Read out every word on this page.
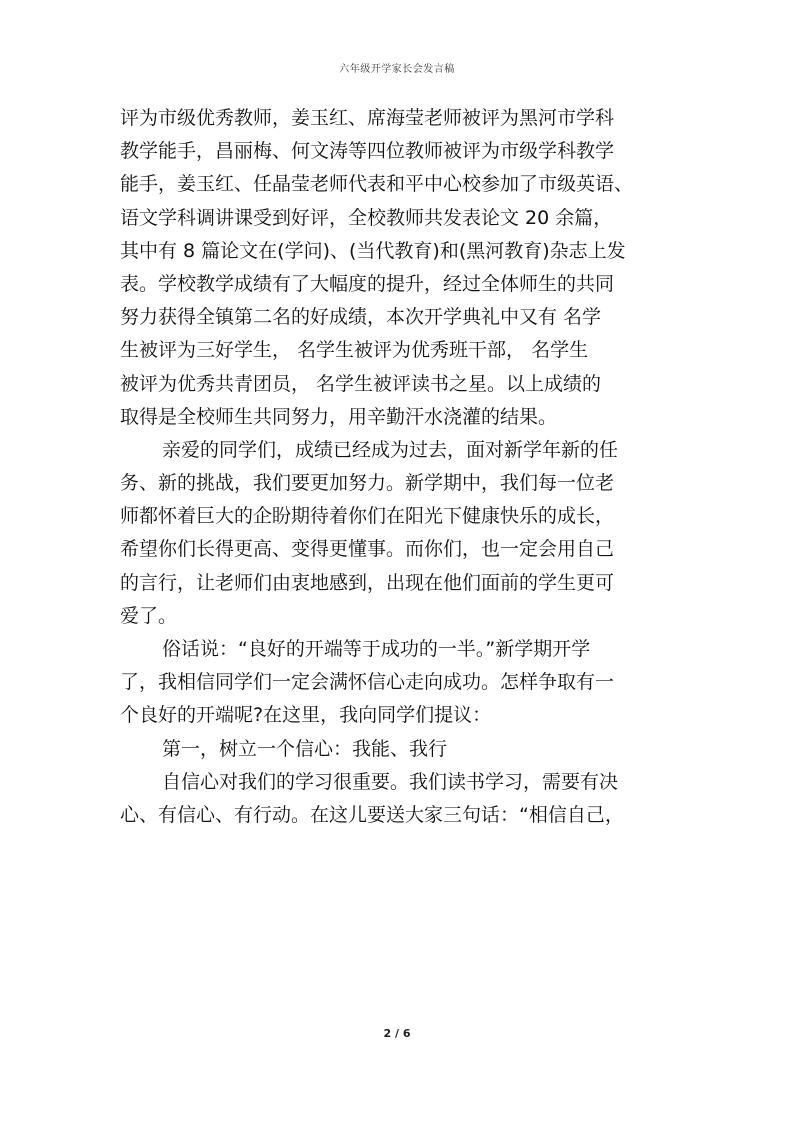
六年级开学家长会发言稿
评为市级优秀教师，姜玉红、席海莹老师被评为黑河市学科
教学能手，昌丽梅、何文涛等四位教师被评为市级学科教学
能手，姜玉红、任晶莹老师代表和平中心校参加了市级英语、
语文学科调讲课受到好评，全校教师共发表论文 20 余篇，
其中有 8 篇论文在(学问)、(当代教育)和(黑河教育)杂志上发
表。学校教学成绩有了大幅度的提升，经过全体师生的共同
努力获得全镇第二名的好成绩，本次开学典礼中又有 名学
生被评为三好学生， 名学生被评为优秀班干部， 名学生
被评为优秀共青团员， 名学生被评读书之星。以上成绩的
取得是全校师生共同努力，用辛勤汗水浇灌的结果。
亲爱的同学们，成绩已经成为过去，面对新学年新的任
务、新的挑战，我们要更加努力。新学期中，我们每一位老
师都怀着巨大的企盼期待着你们在阳光下健康快乐的成长，
希望你们长得更高、变得更懂事。而你们，也一定会用自己
的言行，让老师们由衷地感到，出现在他们面前的学生更可
爱了。
俗话说：“良好的开端等于成功的一半。”新学期开学
了，我相信同学们一定会满怀信心走向成功。怎样争取有一
个良好的开端呢?在这里，我向同学们提议：
第一，树立一个信心：我能、我行
自信心对我们的学习很重要。我们读书学习，需要有决
心、有信心、有行动。在这儿要送大家三句话：“相信自己，
2 / 6
